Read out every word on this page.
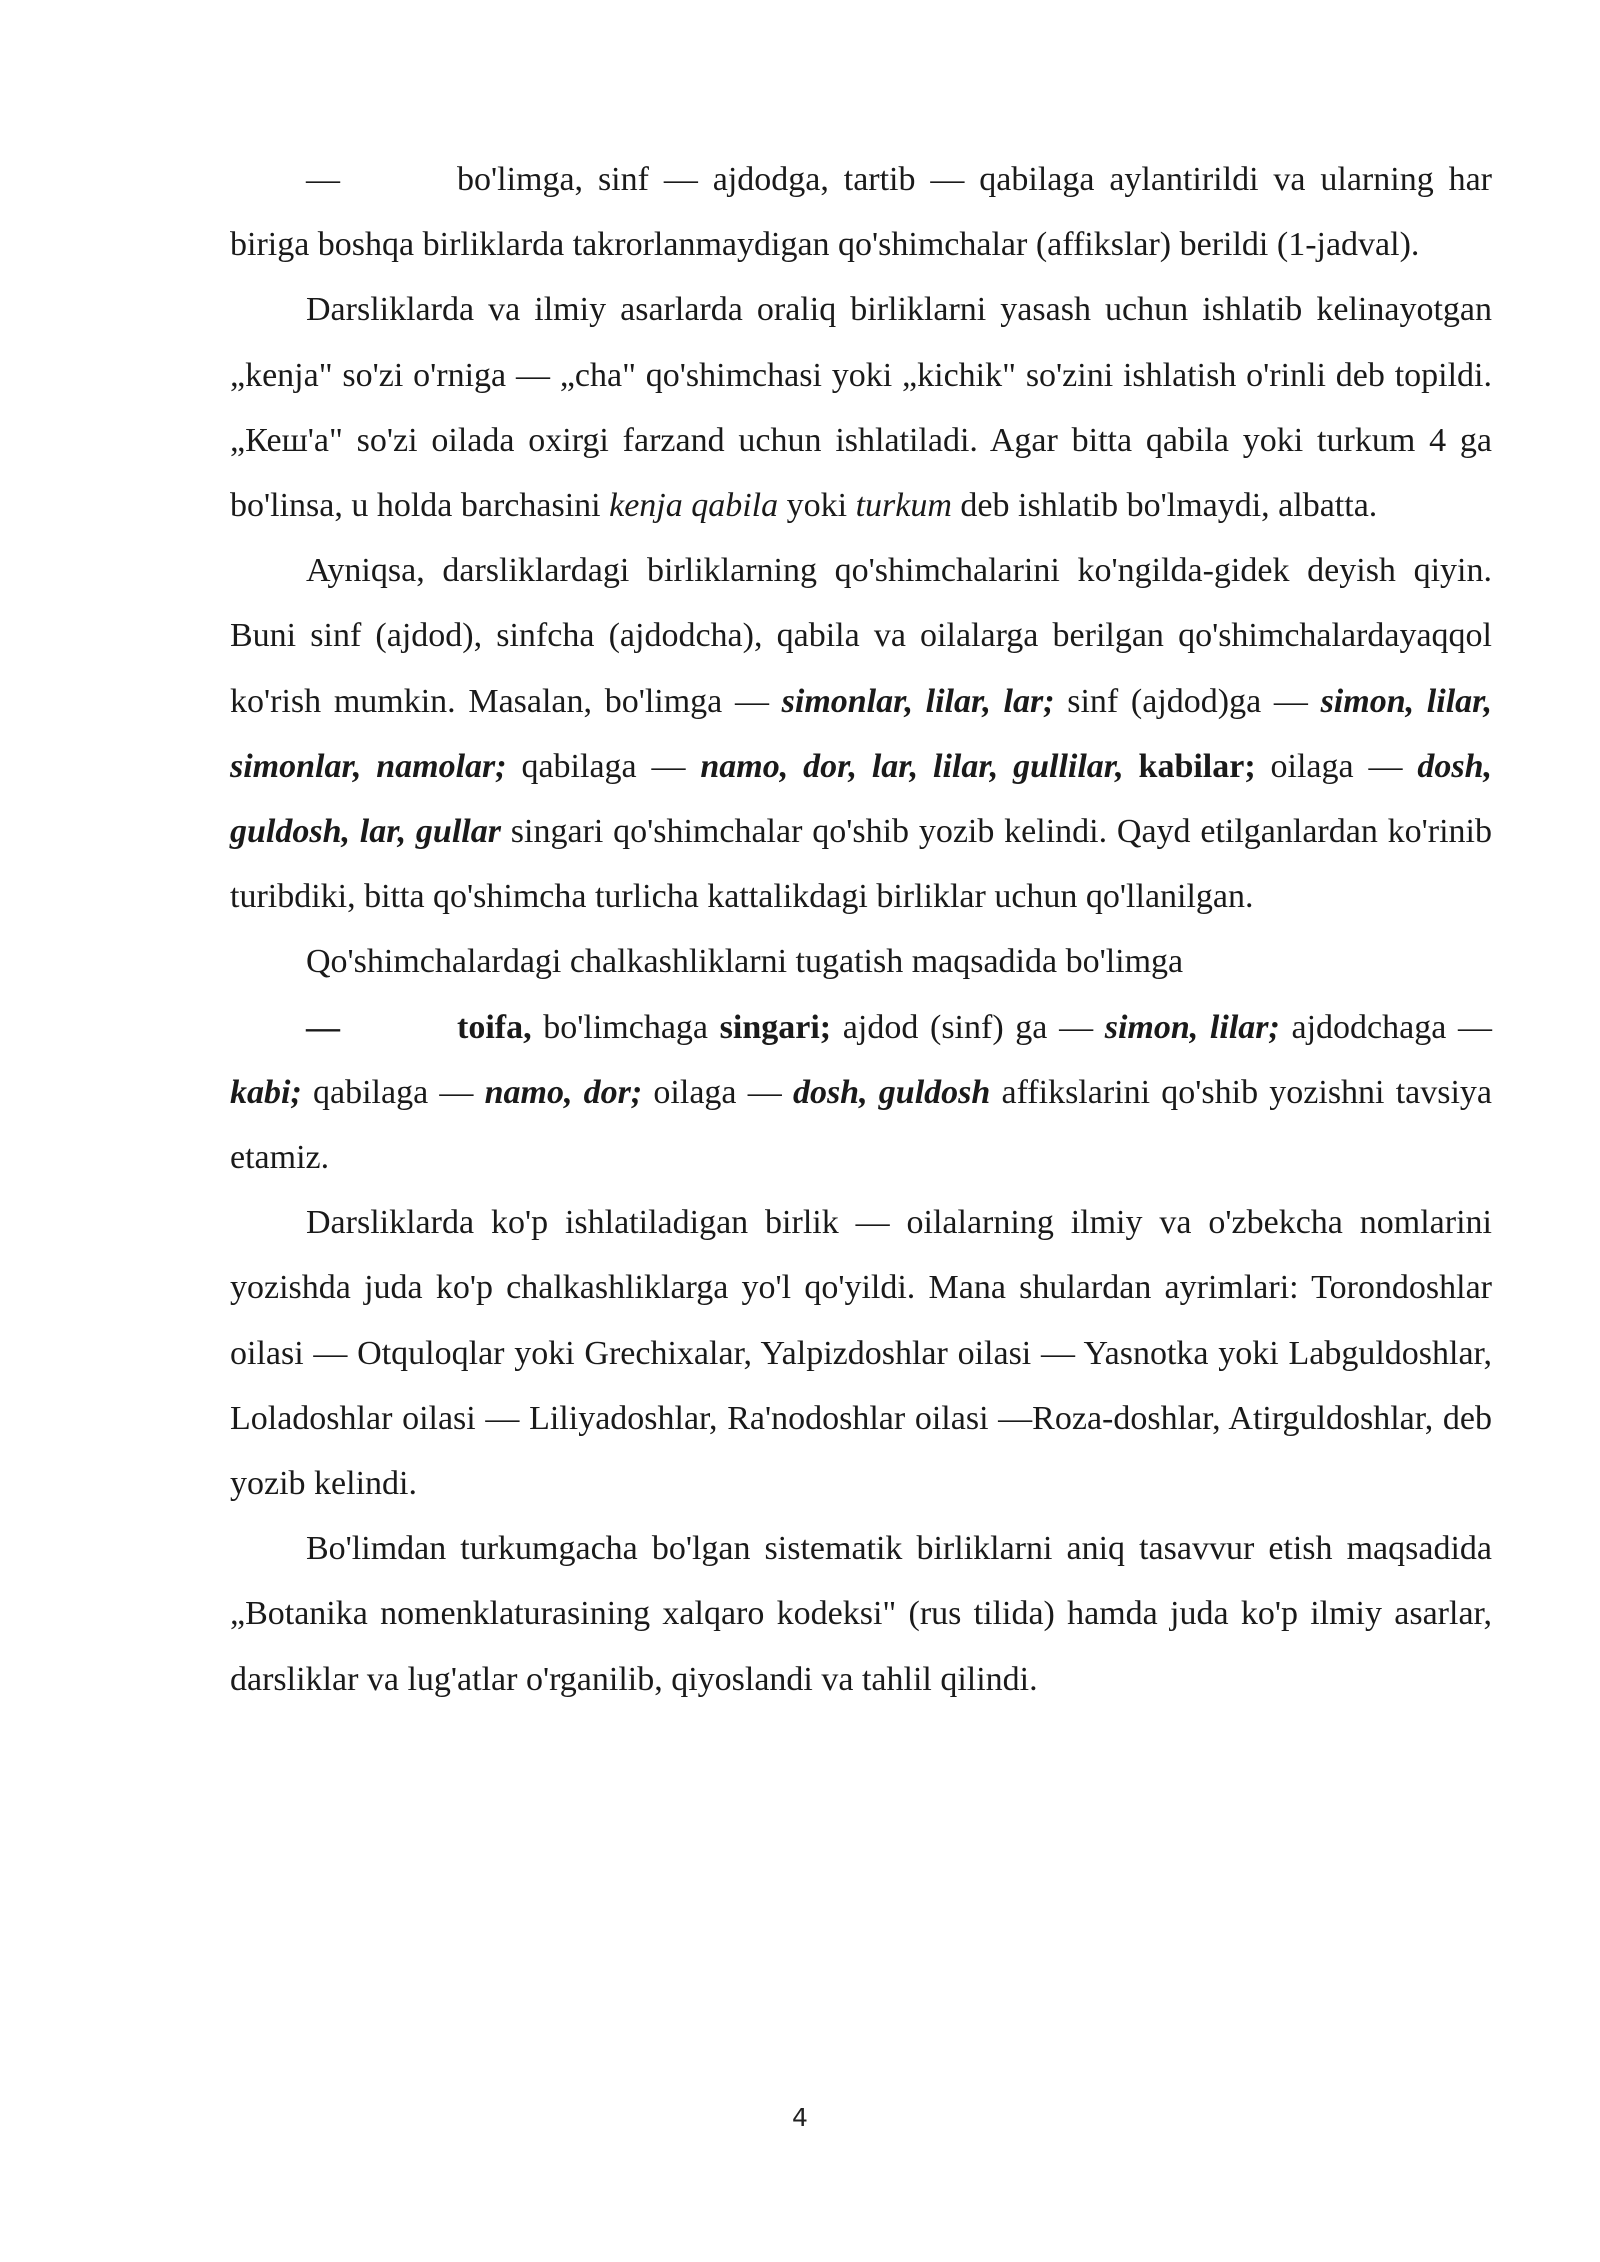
—	bo'limga, sinf — ajdodga, tartib — qabilaga aylantirildi va ularning har biriga boshqa birliklarda takrorlanmaydigan qo'shimchalar (affikslar) berildi (1-jadval).

Darsliklarda va ilmiy asarlarda oraliq birliklarni yasash uchun ishlatib kelinayotgan „kenja" so'zi o'rniga — „cha" qo'shimchasi yoki „kichik" so'zini ishlatish o'rinli deb topildi. „Кеш'a" so'zi oilada oxirgi farzand uchun ishlatiladi. Agar bitta qabila yoki turkum 4 ga bo'linsa, u holda barchasini kenja qabila yoki turkum deb ishlatib bo'lmaydi, albatta.

Ayniqsa, darsliklardagi birliklarning qo'shimchalarini ko'ngilda-gidek deyish qiyin. Buni sinf (ajdod), sinfcha (ajdodcha), qabila va oilalarga berilgan qo'shimchalardayaqqol ko'rish mumkin. Masalan, bo'limga — simonlar, lilar, lar; sinf (ajdod)ga — simon, lilar, simonlar, namolar; qabilaga — namo, dor, lar, lilar, gullilar, kabilar; oilaga — dosh, guldosh, lar, gullar singari qo'shimchalar qo'shib yozib kelindi. Qayd etilganlardan ko'rinib turibdiki, bitta qo'shimcha turlicha kattalikdagi birliklar uchun qo'llanilgan.

Qo'shimchalardagi chalkashliklarni tugatish maqsadida bo'limga

—	toifa, bo'limchaga singari; ajdod (sinf) ga — simon, lilar; ajdodchaga — kabi; qabilaga — namo, dor; oilaga — dosh, guldosh affikslarini qo'shib yozishni tavsiya etamiz.

Darsliklarda ko'p ishlatiladigan birlik — oilalarning ilmiy va o'zbekcha nomlarini yozishda juda ko'p chalkashliklarga yo'l qo'yildi. Mana shulardan ayrimlari: Torondoshlar oilasi — Otquloqlar yoki Grechixalar, Yalpizdoshlar oilasi — Yasnotka yoki Labguldoshlar, Loladoshlar oilasi — Liliyadoshlar, Ra'nodoshlar oilasi —Roza-doshlar, Atirguldoshlar, deb yozib kelindi.

Bo'limdan turkumgacha bo'lgan sistematik birliklarni aniq tasavvur etish maqsadida „Botanika nomenklaturasining xalqaro kodeksi" (rus tilida) hamda juda ko'p ilmiy asarlar, darsliklar va lug'atlar o'rganilib, qiyoslandi va tahlil qilindi.

4
